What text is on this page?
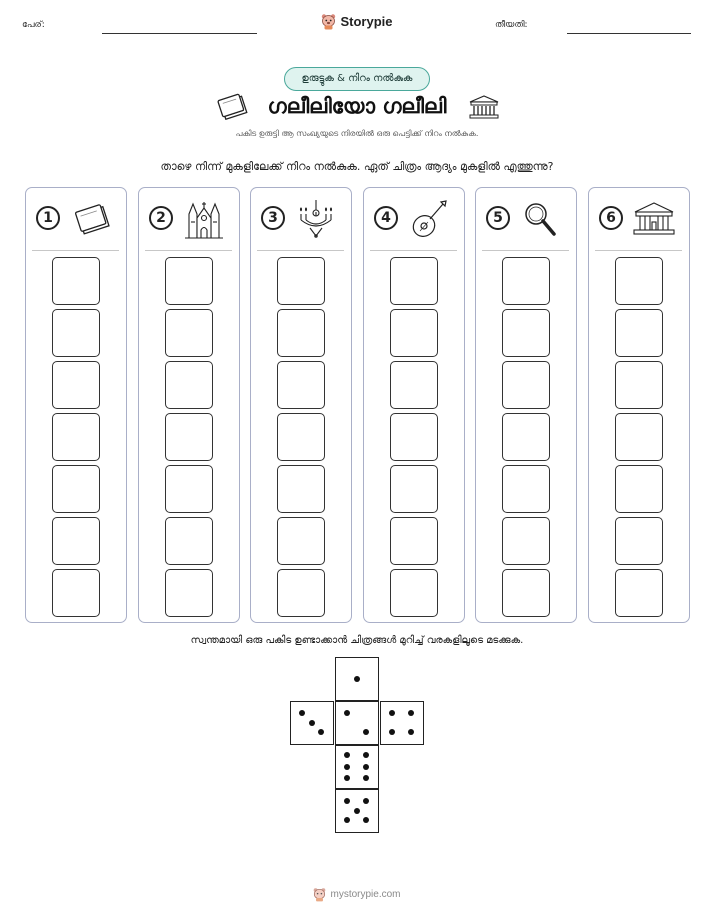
പേര്:	Storypie	തീയതി:
ഉരുട്ടുക & നിറം നൽകുക
ഗലീലിയോ ഗലീലി
പകിട ഉരുട്ടി ആ സംഖ്യയുടെ നിരയിൽ ഒരു പെട്ടിക്ക് നിറം നൽകുക.
താഴെ നിന്ന് മുകളിലേക്ക് നിറം നൽകുക. ഏത് ചിത്രം ആദ്യം മുകളിൽ എത്തുന്നു?
1	2	3	4	5	6
സ്വന്തമായി ഒരു പകിട ഉണ്ടാക്കാൻ ചിത്രങ്ങൾ മുറിച്ച് വരകളിലൂടെ മടക്കുക.
mystorypie.com
